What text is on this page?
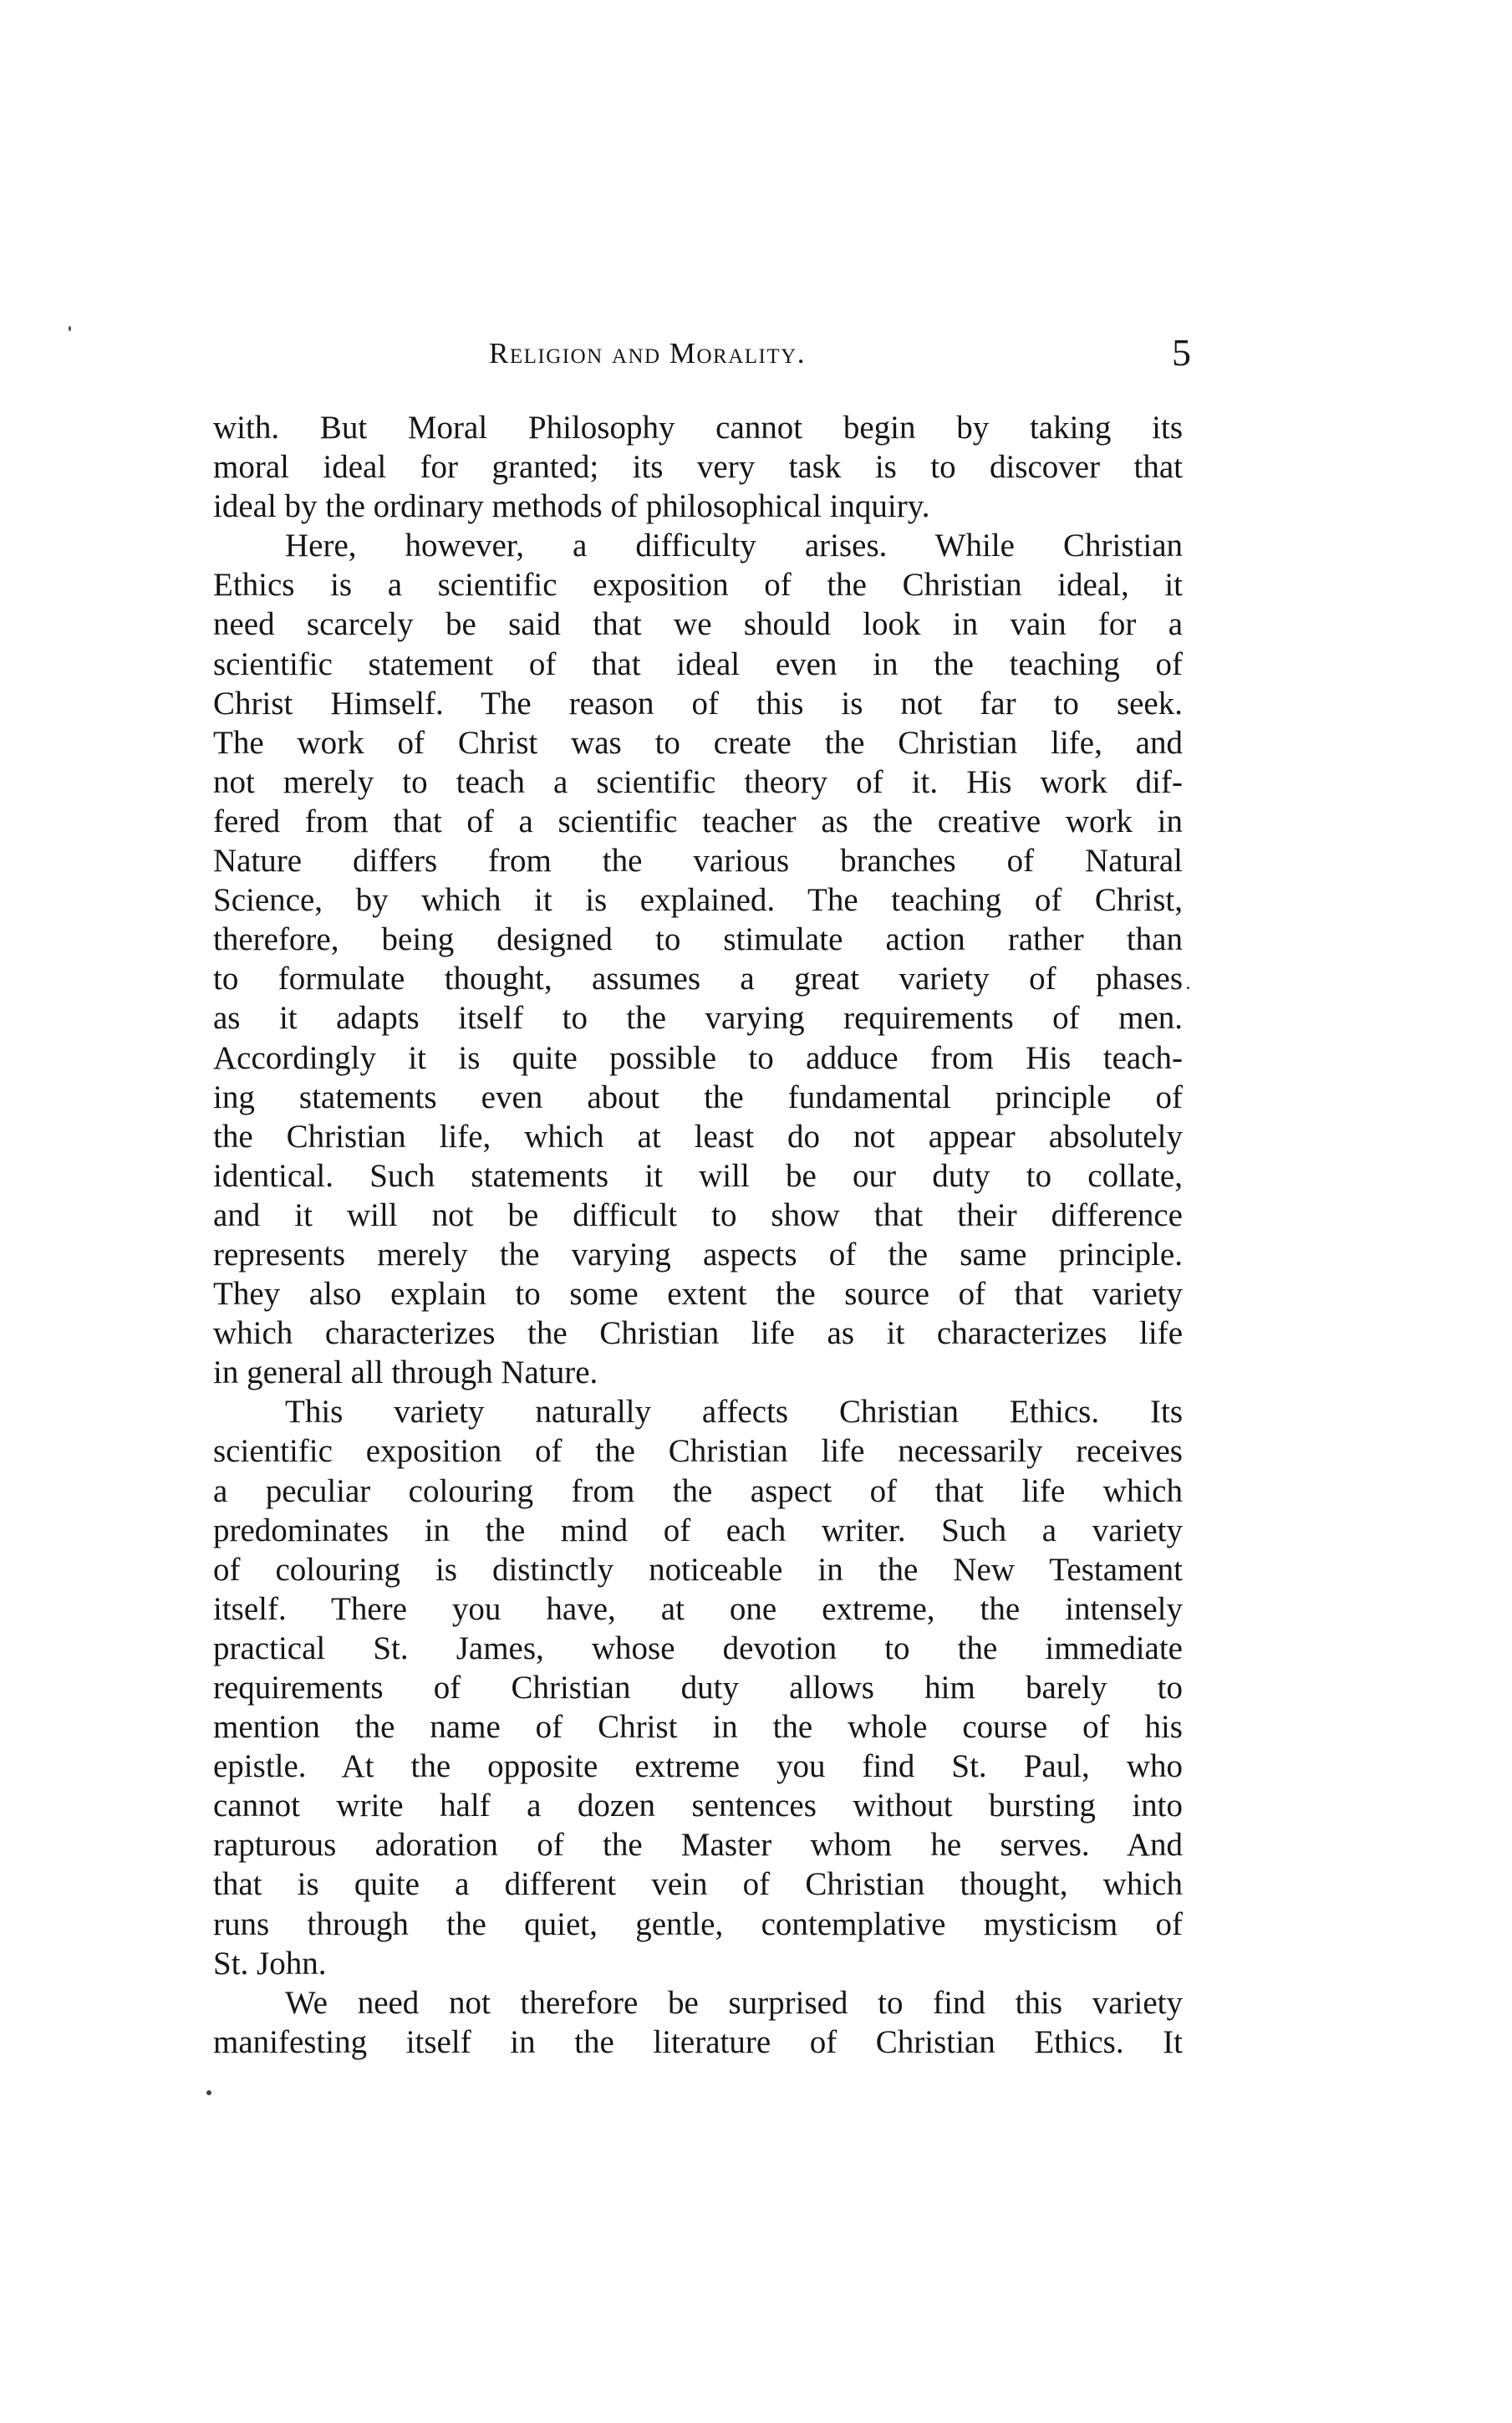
Religion and Morality.	5
with. But Moral Philosophy cannot begin by taking its
moral ideal for granted; its very task is to discover that
ideal by the ordinary methods of philosophical inquiry.
Here, however, a difficulty arises. While Christian
Ethics is a scientific exposition of the Christian ideal, it
need scarcely be said that we should look in vain for a
scientific statement of that ideal even in the teaching of
Christ Himself. The reason of this is not far to seek.
The work of Christ was to create the Christian life, and
not merely to teach a scientific theory of it. His work dif-
fered from that of a scientific teacher as the creative work in
Nature differs from the various branches of Natural
Science, by which it is explained. The teaching of Christ,
therefore, being designed to stimulate action rather than
to formulate thought, assumes a great variety of phases
as it adapts itself to the varying requirements of men.
Accordingly it is quite possible to adduce from His teach-
ing statements even about the fundamental principle of
the Christian life, which at least do not appear absolutely
identical. Such statements it will be our duty to collate,
and it will not be difficult to show that their difference
represents merely the varying aspects of the same principle.
They also explain to some extent the source of that variety
which characterizes the Christian life as it characterizes life
in general all through Nature.
This variety naturally affects Christian Ethics. Its
scientific exposition of the Christian life necessarily receives
a peculiar colouring from the aspect of that life which
predominates in the mind of each writer. Such a variety
of colouring is distinctly noticeable in the New Testament
itself. There you have, at one extreme, the intensely
practical St. James, whose devotion to the immediate
requirements of Christian duty allows him barely to
mention the name of Christ in the whole course of his
epistle. At the opposite extreme you find St. Paul, who
cannot write half a dozen sentences without bursting into
rapturous adoration of the Master whom he serves. And
that is quite a different vein of Christian thought, which
runs through the quiet, gentle, contemplative mysticism of
St. John.
We need not therefore be surprised to find this variety
manifesting itself in the literature of Christian Ethics. It
